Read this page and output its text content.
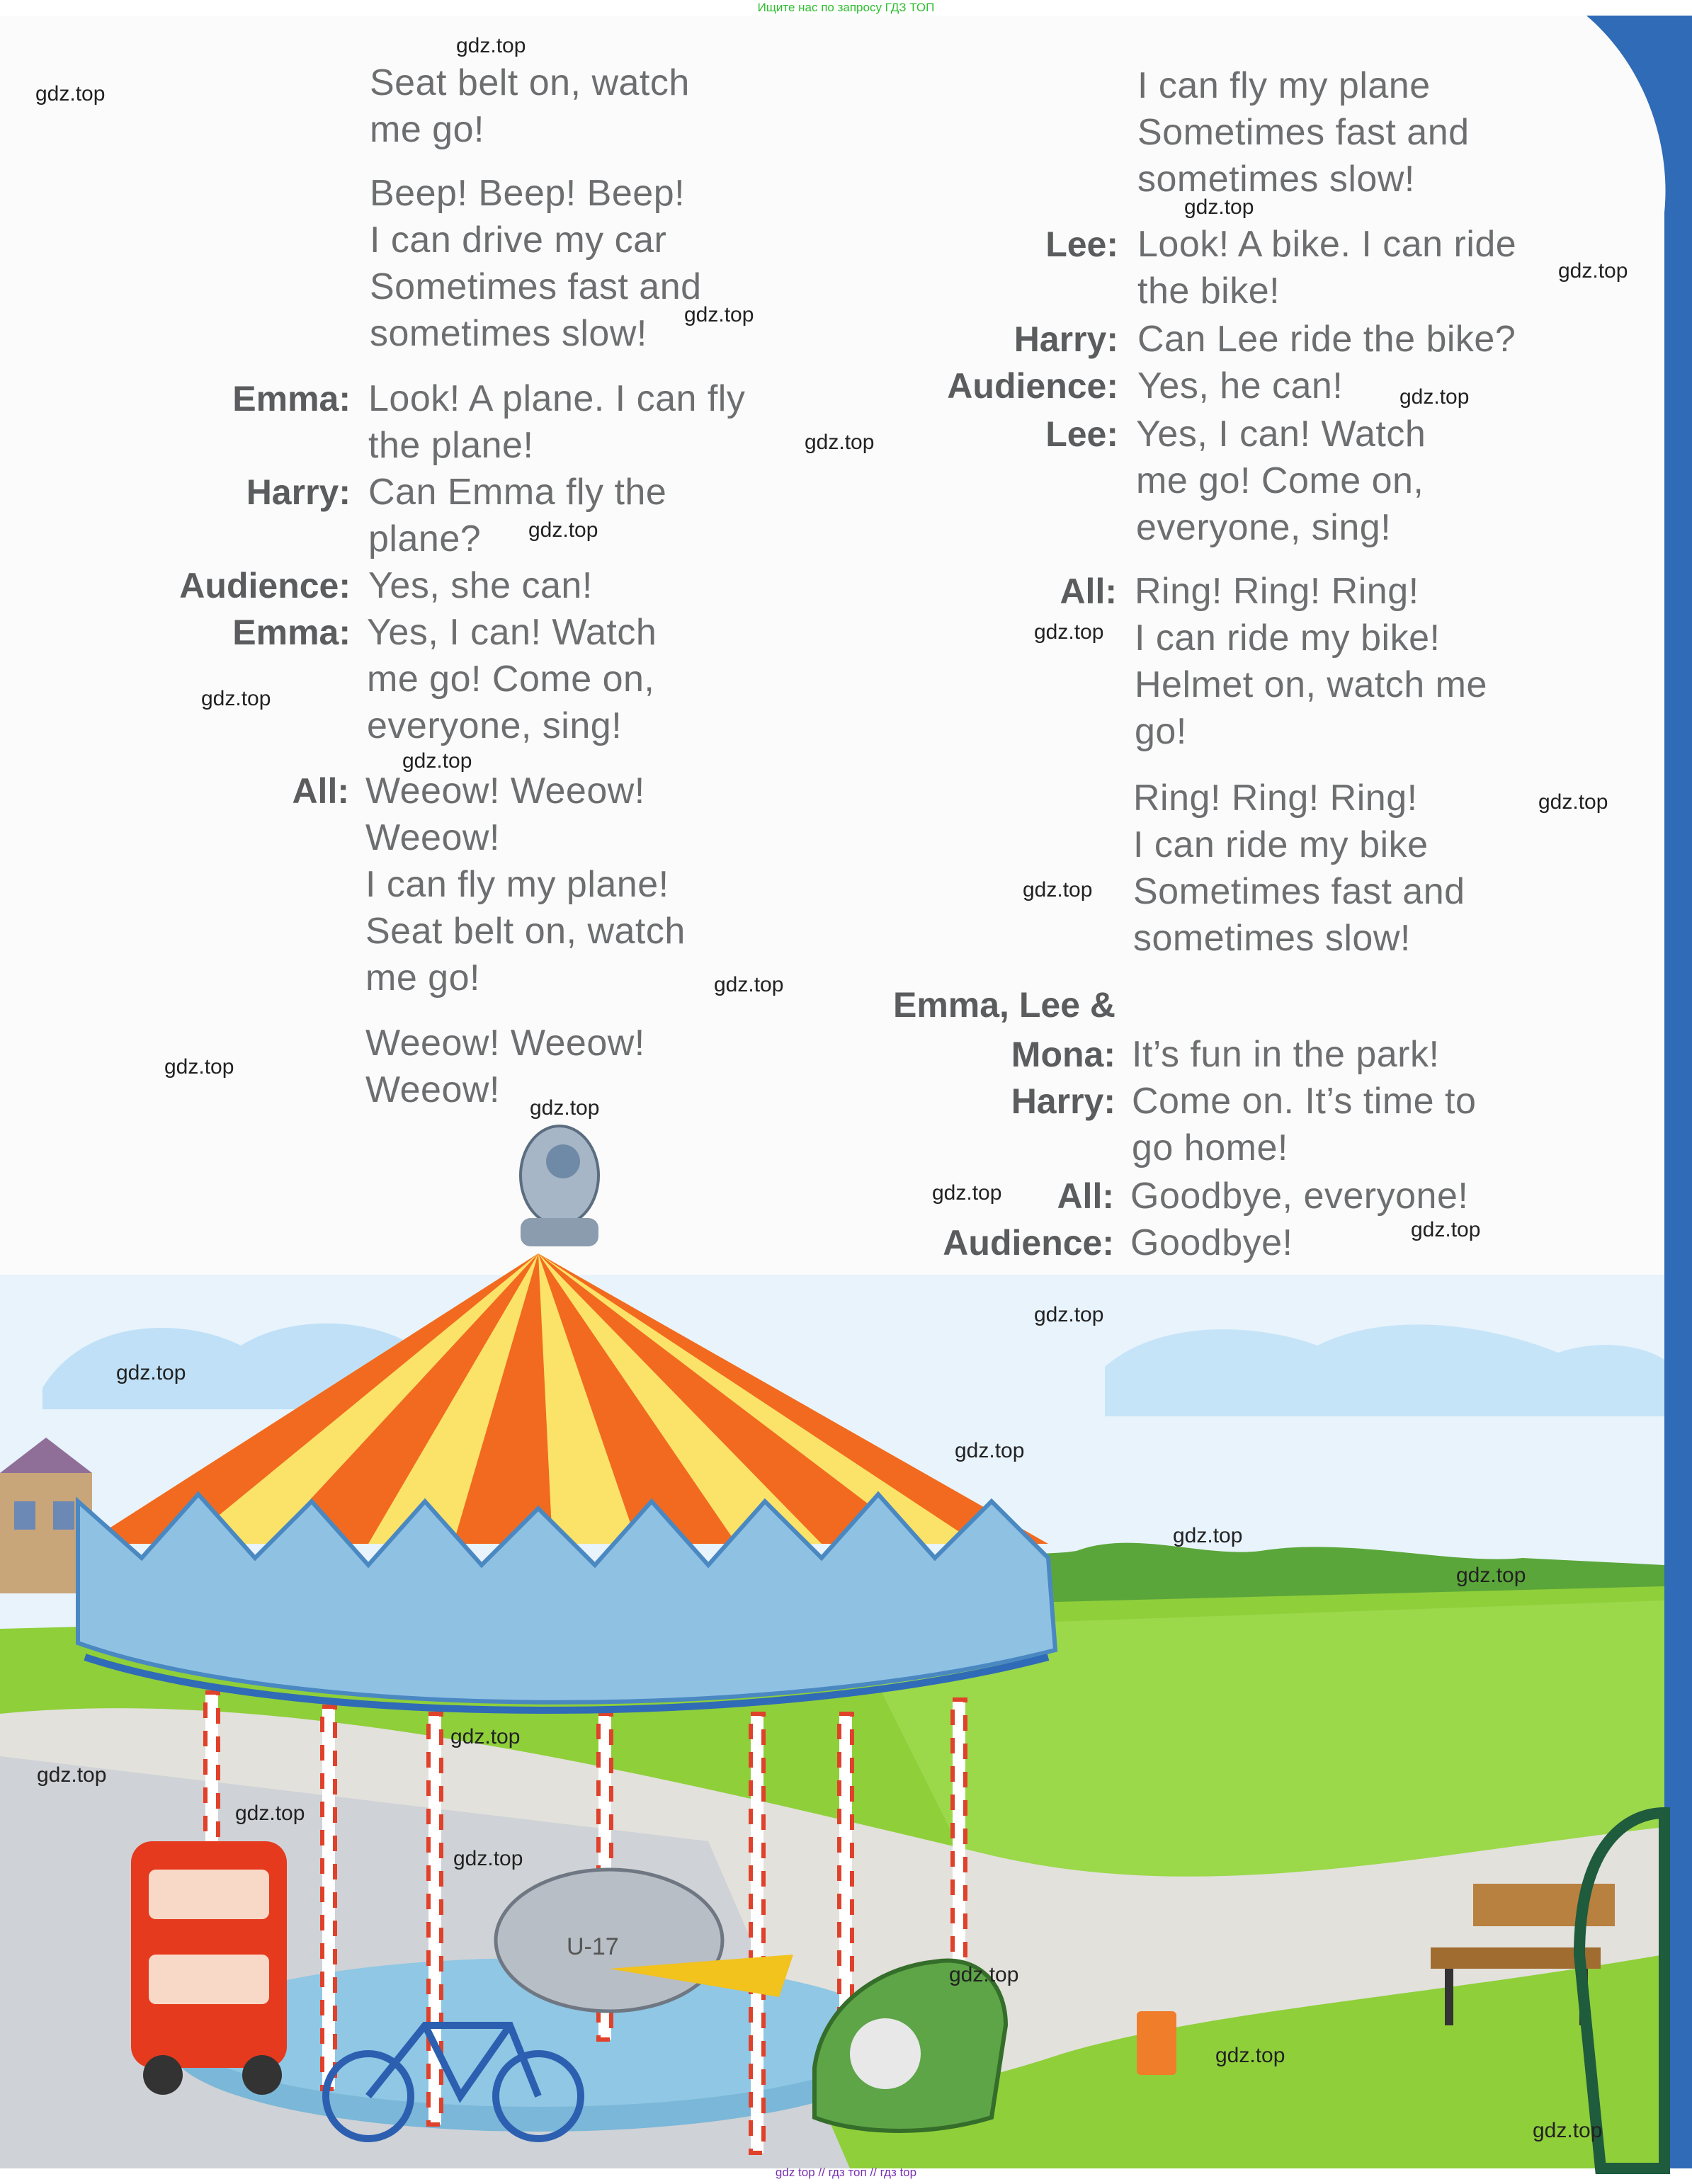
U-17
Ищите нас по запросу ГДЗ ТОП
gdz top // гдз топ // гдз top
Seat belt on, watch
me go!
Beep! Beep! Beep!
I can drive my car
Sometimes fast and
sometimes slow!
Emma: Look! A plane. I can fly
the plane!
Harry: Can Emma fly the
plane?
Audience: Yes, she can!
Emma: Yes, I can! Watch
me go! Come on,
everyone, sing!
All: Weeow! Weeow!
Weeow!
I can fly my plane!
Seat belt on, watch
me go!
Weeow! Weeow!
Weeow!
I can fly my plane
Sometimes fast and
sometimes slow!
Lee: Look! A bike. I can ride
the bike!
Harry: Can Lee ride the bike?
Audience: Yes, he can!
Lee: Yes, I can! Watch
me go! Come on,
everyone, sing!
All: Ring! Ring! Ring!
I can ride my bike!
Helmet on, watch me
go!
Ring! Ring! Ring!
I can ride my bike
Sometimes fast and
sometimes slow!
Emma, Lee &
Mona: It’s fun in the park!
Harry: Come on. It’s time to
go home!
All: Goodbye, everyone!
Audience: Goodbye!
gdz.top
gdz.top
gdz.top
gdz.top
gdz.top
gdz.top
gdz.top
gdz.top
gdz.top
gdz.top
gdz.top
gdz.top
gdz.top
gdz.top
gdz.top
gdz.top
gdz.top
gdz.top
gdz.top
gdz.top
gdz.top
gdz.top
gdz.top
gdz.top
gdz.top
gdz.top
gdz.top
gdz.top
gdz.top
gdz.top
